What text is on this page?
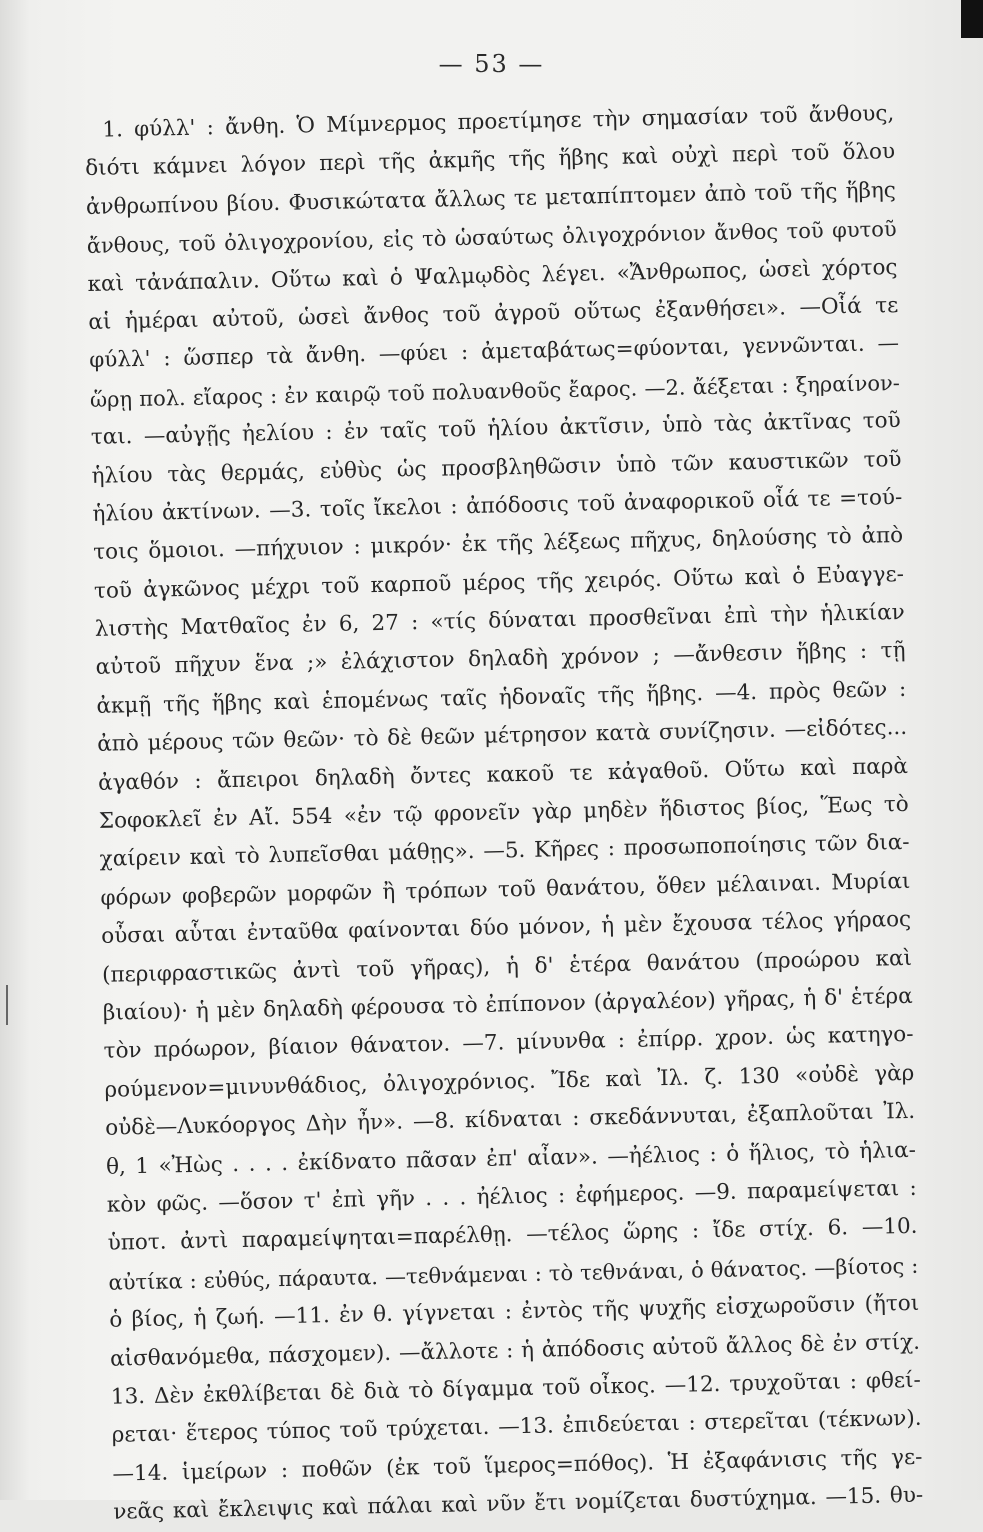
— 53 —
1. φύλλ' : ἄνθη. Ὁ Μίμνερμος προετίμησε τὴν σημασίαν τοῦ ἄνθους,
διότι κάμνει λόγον περὶ τῆς ἀκμῆς τῆς ἥβης καὶ οὐχὶ περὶ τοῦ ὅλου
ἀνθρωπίνου βίου. Φυσικώτατα ἄλλως τε μεταπίπτομεν ἀπὸ τοῦ τῆς ἥβης
ἄνθους, τοῦ ὀλιγοχρονίου, εἰς τὸ ὡσαύτως ὀλιγοχρόνιον ἄνθος τοῦ φυτοῦ
καὶ τἀνάπαλιν. Οὕτω καὶ ὁ Ψαλμῳδὸς λέγει. «Ἄνθρωπος, ὡσεὶ χόρτος
αἱ ἡμέραι αὐτοῦ, ὡσεὶ ἄνθος τοῦ ἀγροῦ οὕτως ἐξανθήσει». —Οἷά τε
φύλλ' : ὥσπερ τὰ ἄνθη. —φύει : ἀμεταβάτως=φύονται, γεννῶνται. —
ὥρῃ πολ. εἴαρος : ἐν καιρῷ τοῦ πολυανθοῦς ἔαρος. —2. ἄέξεται : ξηραίνον-
ται. —αὐγῇς ἠελίου : ἐν ταῖς τοῦ ἡλίου ἀκτῖσιν, ὑπὸ τὰς ἀκτῖνας τοῦ
ἡλίου τὰς θερμάς, εὐθὺς ὡς προσβληθῶσιν ὑπὸ τῶν καυστικῶν τοῦ
ἡλίου ἀκτίνων. —3. τοῖς ἴκελοι : ἀπόδοσις τοῦ ἀναφορικοῦ οἷά τε =τού-
τοις ὅμοιοι. —πήχυιον : μικρόν· ἐκ τῆς λέξεως πῆχυς, δηλούσης τὸ ἀπὸ
τοῦ ἀγκῶνος μέχρι τοῦ καρποῦ μέρος τῆς χειρός. Οὕτω καὶ ὁ Εὐαγγε-
λιστὴς Ματθαῖος ἐν 6, 27 : «τίς δύναται προσθεῖναι ἐπὶ τὴν ἡλικίαν
αὐτοῦ πῆχυν ἕνα ;» ἐλάχιστον δηλαδὴ χρόνον ; —ἄνθεσιν ἥβης : τῇ
ἀκμῇ τῆς ἥβης καὶ ἑπομένως ταῖς ἡδοναῖς τῆς ἥβης. —4. πρὸς θεῶν :
ἀπὸ μέρους τῶν θεῶν· τὸ δὲ θεῶν μέτρησον κατὰ συνίζησιν. —εἰδότες...
ἀγαθόν : ἄπειροι δηλαδὴ ὄντες κακοῦ τε κἀγαθοῦ. Οὕτω καὶ παρὰ
Σοφοκλεῖ ἐν Αἴ. 554 «ἐν τῷ φρονεῖν γὰρ μηδὲν ἥδιστος βίος, Ἕως τὸ
χαίρειν καὶ τὸ λυπεῖσθαι μάθῃς». —5. Κῆρες : προσωποποίησις τῶν δια-
φόρων φοβερῶν μορφῶν ἢ τρόπων τοῦ θανάτου, ὅθεν μέλαιναι. Μυρίαι
οὖσαι αὗται ἐνταῦθα φαίνονται δύο μόνον, ἡ μὲν ἔχουσα τέλος γήραος
(περιφραστικῶς ἀντὶ τοῦ γῆρας), ἡ δ' ἑτέρα θανάτου (προώρου καὶ
βιαίου)· ἡ μὲν δηλαδὴ φέρουσα τὸ ἐπίπονον (ἀργαλέον) γῆρας, ἡ δ' ἑτέρα
τὸν πρόωρον, βίαιον θάνατον. —7. μίνυνθα : ἐπίρρ. χρον. ὡς κατηγο-
ρούμενον=μινυνθάδιος, ὀλιγοχρόνιος. Ἴδε καὶ Ἰλ. ζ. 130 «οὐδὲ γὰρ
οὐδὲ—Λυκόοργος Δὴν ἦν». —8. κίδναται : σκεδάννυται, ἐξαπλοῦται Ἰλ.
θ, 1 «Ἠὼς . . . . ἐκίδνατο πᾶσαν ἐπ' αἶαν». —ἠέλιος : ὁ ἥλιος, τὸ ἡλια-
κὸν φῶς. —ὅσον τ' ἐπὶ γῆν . . . ἠέλιος : ἐφήμερος. —9. παραμείψεται :
ὑποτ. ἀντὶ παραμείψηται=παρέλθῃ. —τέλος ὥρης : ἴδε στίχ. 6. —10.
αὐτίκα : εὐθύς, πάραυτα. —τεθνάμεναι : τὸ τεθνάναι, ὁ θάνατος. —βίοτος :
ὁ βίος, ἡ ζωή. —11. ἐν θ. γίγνεται : ἐντὸς τῆς ψυχῆς εἰσχωροῦσιν (ἤτοι
αἰσθανόμεθα, πάσχομεν). —ἄλλοτε : ἡ ἀπόδοσις αὐτοῦ ἄλλος δὲ ἐν στίχ.
13. Δὲν ἐκθλίβεται δὲ διὰ τὸ δίγαμμα τοῦ οἶκος. —12. τρυχοῦται : φθεί-
ρεται· ἕτερος τύπος τοῦ τρύχεται. —13. ἐπιδεύεται : στερεῖται (τέκνων).
—14. ἱμείρων : ποθῶν (ἐκ τοῦ ἵμερος=πόθος). Ἡ ἐξαφάνισις τῆς γε-
νεᾶς καὶ ἔκλειψις καὶ πάλαι καὶ νῦν ἔτι νομίζεται δυστύχημα. —15. θυ-
